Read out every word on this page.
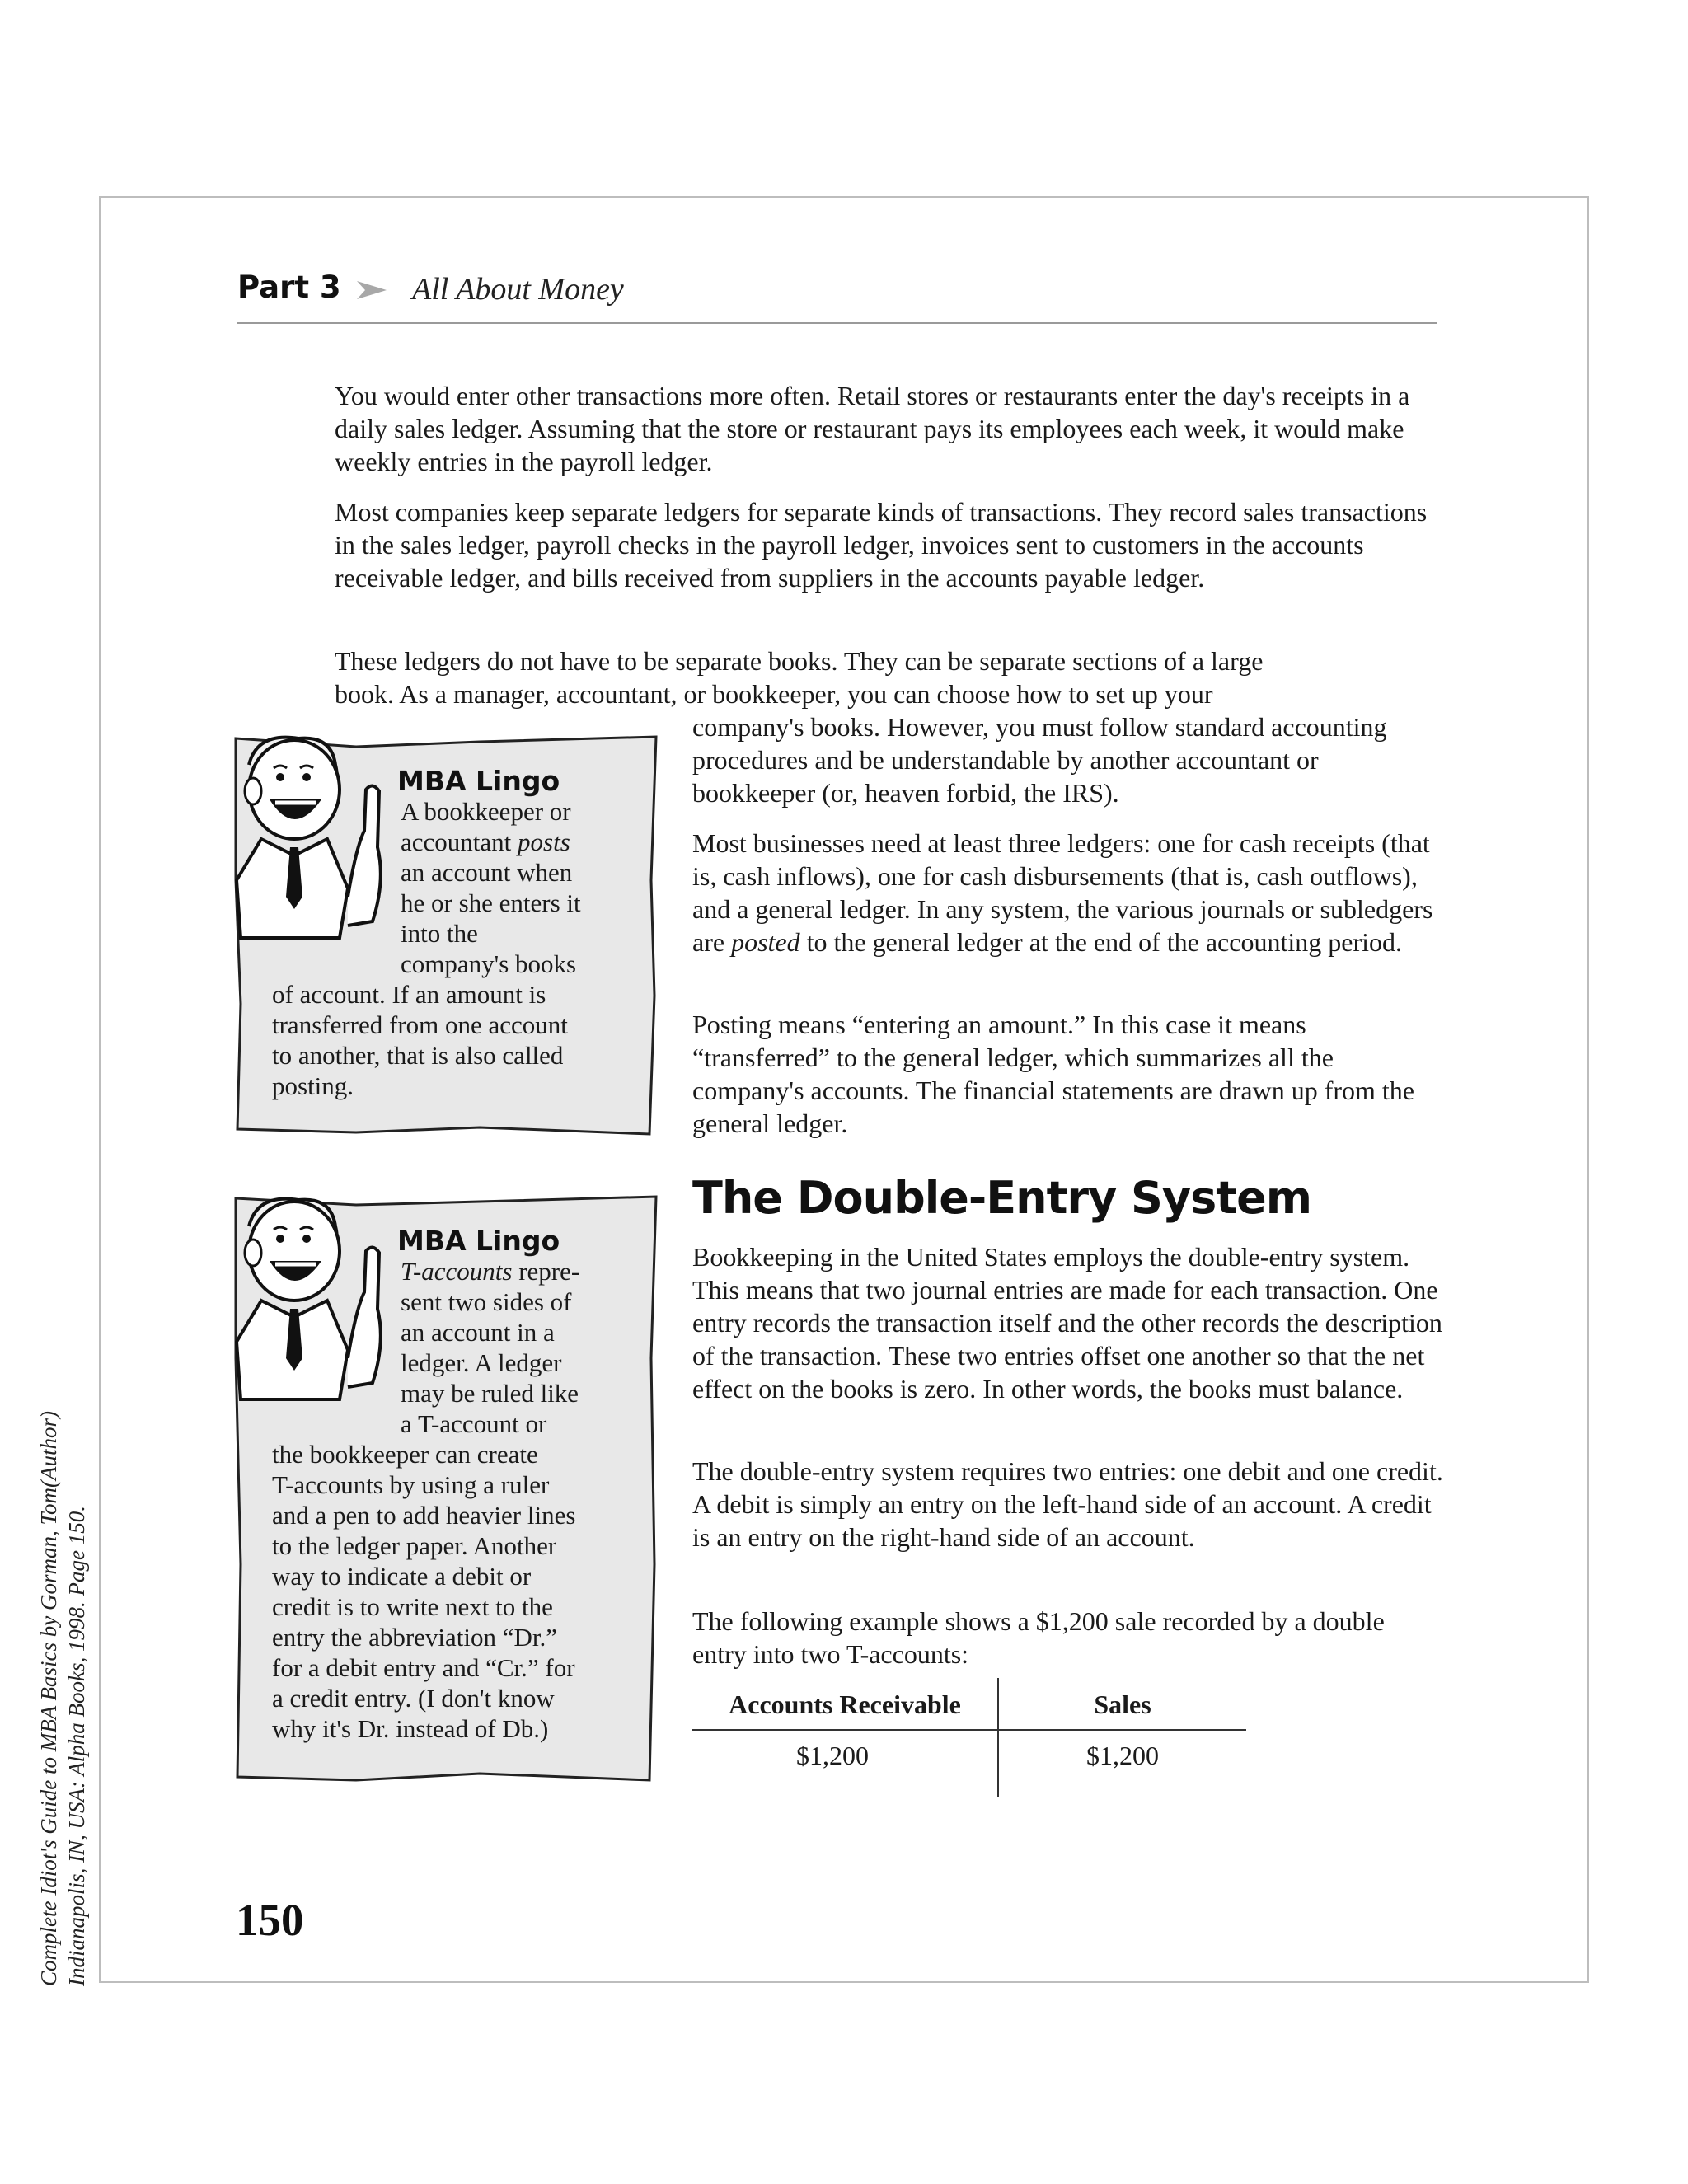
Complete Idiot's Guide to MBA Basics by Gorman, Tom(Author) Indianapolis, IN, USA: Alpha Books, 1998. Page 150.
Part 3 All About Money

You would enter other transactions more often. Retail stores or restaurants enter the day's receipts in a daily sales ledger. Assuming that the store or restaurant pays its employees each week, it would make weekly entries in the payroll ledger.

Most companies keep separate ledgers for separate kinds of transactions. They record sales transactions in the sales ledger, payroll checks in the payroll ledger, invoices sent to customers in the accounts receivable ledger, and bills received from suppliers in the accounts payable ledger.

These ledgers do not have to be separate books. They can be separate sections of a large
book. As a manager, accountant, or bookkeeper, you can choose how to set up your

company's books. However, you must follow standard accounting procedures and be understandable by another accountant or bookkeeper (or, heaven forbid, the IRS).

Most businesses need at least three ledgers: one for cash receipts (that is, cash inflows), one for cash disbursements (that is, cash outflows), and a general ledger. In any system, the various journals or subledgers are posted to the general ledger at the end of the accounting period.

Posting means “entering an amount.” In this case it means “transferred” to the general ledger, which summarizes all the company's accounts. The financial statements are drawn up from the general ledger.

The Double-Entry System

Bookkeeping in the United States employs the double-entry system. This means that two journal entries are made for each transaction. One entry records the transaction itself and the other records the description of the transaction. These two entries offset one another so that the net effect on the books is zero. In other words, the books must balance.

The double-entry system requires two entries: one debit and one credit. A debit is simply an entry on the left-hand side of an account. A credit is an entry on the right-hand side of an account.

The following example shows a $1,200 sale recorded by a double entry into two T-accounts:

MBA Lingo
A bookkeeper or
accountant posts
an account when
he or she enters it
into the
company's books
of account. If an amount is
transferred from one account
to another, that is also called
posting.
MBA Lingo
T-accounts repre-
sent two sides of
an account in a
ledger. A ledger
may be ruled like
a T-account or
the bookkeeper can create
T-accounts by using a ruler
and a pen to add heavier lines
to the ledger paper. Another
way to indicate a debit or
credit is to write next to the
entry the abbreviation “Dr.”
for a debit entry and “Cr.” for
a credit entry. (I don't know
why it's Dr. instead of Db.)
Accounts Receivable	Sales
$1,200	$1,200
150
